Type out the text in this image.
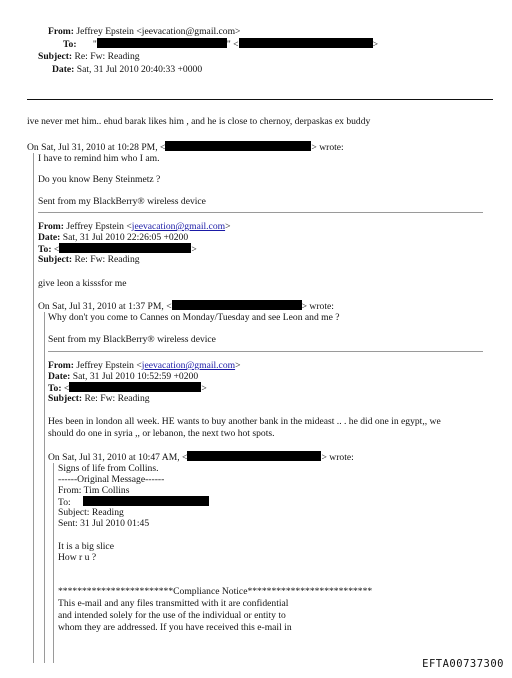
From: Jeffrey Epstein <jeevacation@gmail.com>
To: "	" <	>
Subject: Re: Fw: Reading
Date: Sat, 31 Jul 2010 20:40:33 +0000
ive never met him.. ehud barak likes him , and he is close to chernoy, derpaskas ex buddy
On Sat, Jul 31, 2010 at 10:28 PM, <	> wrote:
I have to remind him who I am.
Do you know Beny Steinmetz ?
Sent from my BlackBerry® wireless device
From: Jeffrey Epstein <jeevacation@gmail.com>
Date: Sat, 31 Jul 2010 22:26:05 +0200
To: <	>
Subject: Re: Fw: Reading
give leon a kisssfor me
On Sat, Jul 31, 2010 at 1:37 PM, <	> wrote:
Why don't you come to Cannes on Monday/Tuesday and see Leon and me ?
Sent from my BlackBerry® wireless device
From: Jeffrey Epstein <jeevacation@gmail.com>
Date: Sat, 31 Jul 2010 10:52:59 +0200
To: <	>
Subject: Re: Fw: Reading
Hes been in london all week. HE wants to buy another bank in the mideast .. . he did one in egypt,, we
should do one in syria ,, or lebanon, the next two hot spots.
On Sat, Jul 31, 2010 at 10:47 AM, <	> wrote:
Signs of life from Collins.
------Original Message------
From: Tim Collins
To:
Subject: Reading
Sent: 31 Jul 2010 01:45
It is a big slice
How r u ?
************************Compliance Notice**************************
This e-mail and any files transmitted with it are confidential
and intended solely for the use of the individual or entity to
whom they are addressed. If you have received this e-mail in
EFTA00737300
